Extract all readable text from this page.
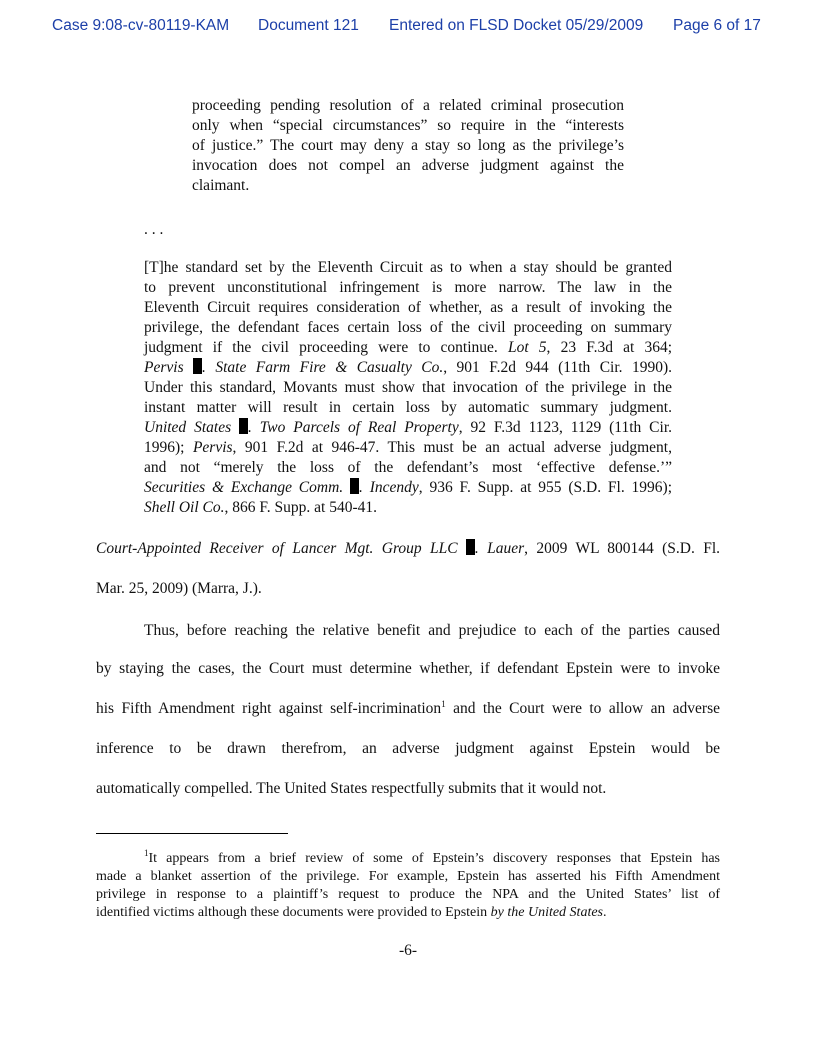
Case 9:08-cv-80119-KAM Document 121 Entered on FLSD Docket 05/29/2009 Page 6 of 17
proceeding pending resolution of a related criminal prosecution
only when “special circumstances” so require in the “interests
of justice.” The court may deny a stay so long as the privilege’s
invocation does not compel an adverse judgment against the
claimant.
. . .
[T]he standard set by the Eleventh Circuit as to when a stay should be granted
to prevent unconstitutional infringement is more narrow. The law in the
Eleventh Circuit requires consideration of whether, as a result of invoking the
privilege, the defendant faces certain loss of the civil proceeding on summary
judgment if the civil proceeding were to continue. Lot 5, 23 F.3d at 364;
Pervis . State Farm Fire & Casualty Co., 901 F.2d 944 (11th Cir. 1990).
Under this standard, Movants must show that invocation of the privilege in the
instant matter will result in certain loss by automatic summary judgment.
United States . Two Parcels of Real Property, 92 F.3d 1123, 1129 (11th Cir.
1996); Pervis, 901 F.2d at 946-47. This must be an actual adverse judgment,
and not “merely the loss of the defendant’s most ‘effective defense.’”
Securities & Exchange Comm. . Incendy, 936 F. Supp. at 955 (S.D. Fl. 1996);
Shell Oil Co., 866 F. Supp. at 540-41.
Court-Appointed Receiver of Lancer Mgt. Group LLC . Lauer, 2009 WL 800144 (S.D. Fl.
Mar. 25, 2009) (Marra, J.).
Thus, before reaching the relative benefit and prejudice to each of the parties caused
by staying the cases, the Court must determine whether, if defendant Epstein were to invoke
his Fifth Amendment right against self-incrimination$^1$ and the Court were to allow an adverse
inference to be drawn therefrom, an adverse judgment against Epstein would be
automatically compelled. The United States respectfully submits that it would not.
$^1$It appears from a brief review of some of Epstein’s discovery responses that Epstein has
made a blanket assertion of the privilege. For example, Epstein has asserted his Fifth Amendment
privilege in response to a plaintiff’s request to produce the NPA and the United States’ list of
identified victims although these documents were provided to Epstein by the United States.
-6-
